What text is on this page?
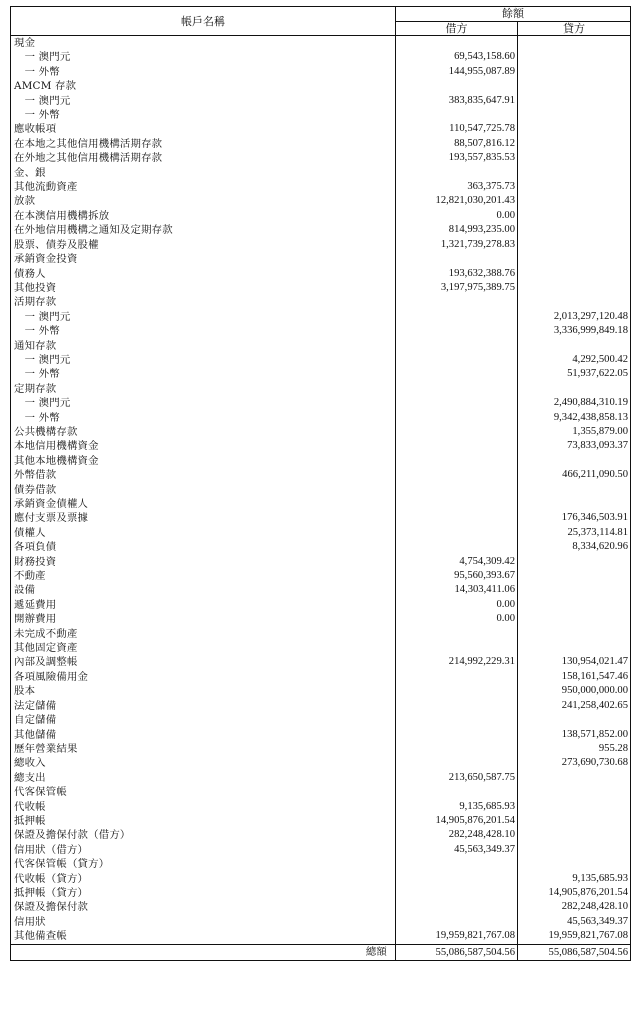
帳戶名稱	餘額	
	借方	貸方
現金		
　一 澳門元	69,543,158.60	
　一 外幣	144,955,087.89	
AMCM 存款		
　一 澳門元	383,835,647.91	
　一 外幣		
應收帳項	110,547,725.78	
在本地之其他信用機構活期存款	88,507,816.12	
在外地之其他信用機構活期存款	193,557,835.53	
金、銀		
其他流動資產	363,375.73	
放款	12,821,030,201.43	
在本澳信用機構拆放	0.00	
在外地信用機構之通知及定期存款	814,993,235.00	
股票、債券及股權	1,321,739,278.83	
承銷資金投資		
債務人	193,632,388.76	
其他投資	3,197,975,389.75	
活期存款		
　一 澳門元		2,013,297,120.48
　一 外幣		3,336,999,849.18
通知存款		
　一 澳門元		4,292,500.42
　一 外幣		51,937,622.05
定期存款		
　一 澳門元		2,490,884,310.19
　一 外幣		9,342,438,858.13
公共機構存款		1,355,879.00
本地信用機構資金		73,833,093.37
其他本地機構資金		
外幣借款		466,211,090.50
債券借款		
承銷資金債權人		
應付支票及票據		176,346,503.91
債權人		25,373,114.81
各項負債		8,334,620.96
財務投資	4,754,309.42	
不動產	95,560,393.67	
設備	14,303,411.06	
遞延費用	0.00	
開辦費用	0.00	
未完成不動產		
其他固定資產		
內部及調整帳	214,992,229.31	130,954,021.47
各項風險備用金		158,161,547.46
股本		950,000,000.00
法定儲備		241,258,402.65
自定儲備		
其他儲備		138,571,852.00
歷年營業結果		955.28
總收入		273,690,730.68
總支出	213,650,587.75	
代客保管帳		
代收帳	9,135,685.93	
抵押帳	14,905,876,201.54	
保證及擔保付款（借方）	282,248,428.10	
信用狀（借方）	45,563,349.37	
代客保管帳（貸方）		
代收帳（貸方）		9,135,685.93
抵押帳（貸方）		14,905,876,201.54
保證及擔保付款		282,248,428.10
信用狀		45,563,349.37
其他備查帳	19,959,821,767.08	19,959,821,767.08
總額	55,086,587,504.56	55,086,587,504.56
